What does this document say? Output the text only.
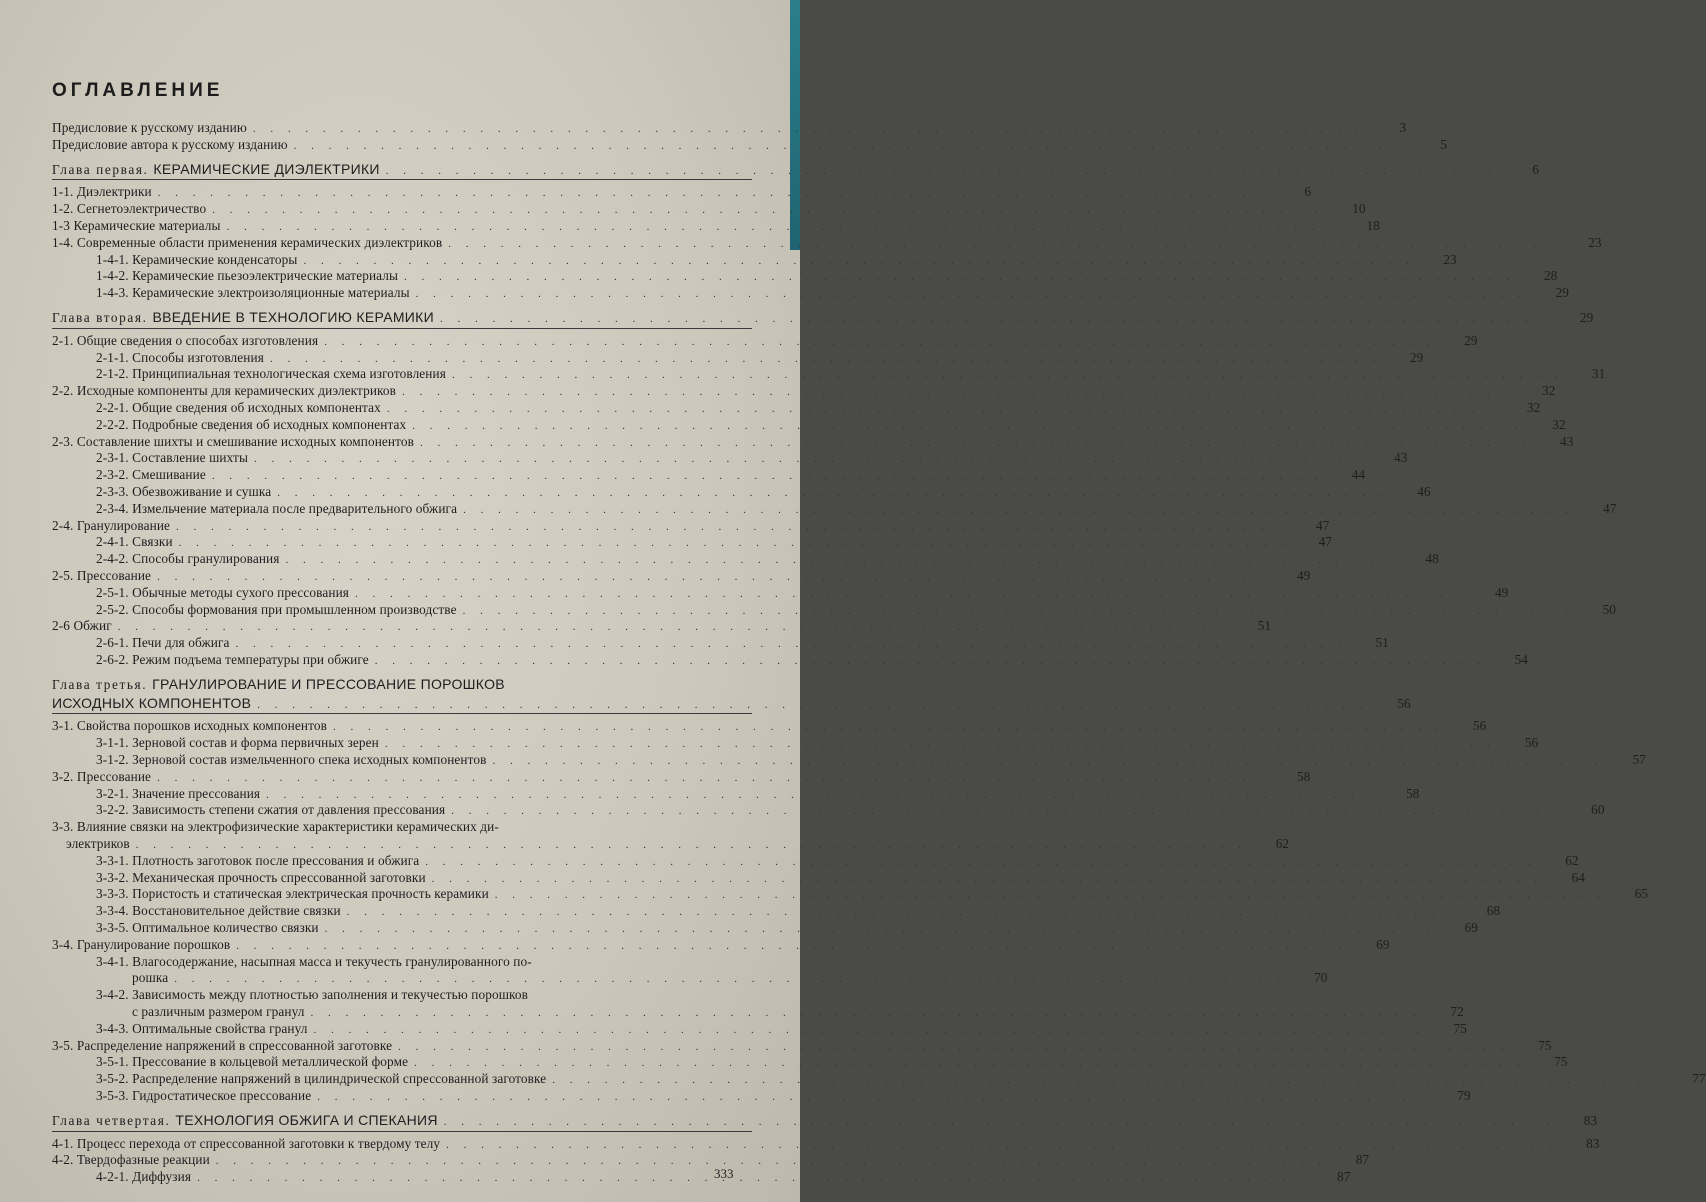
ОГЛАВЛЕНИЕ
Предисловие к русскому изданию . . .	3
Предисловие автора к русскому изданию . . .	5
Глава первая. КЕРАМИЧЕСКИЕ ДИЭЛЕКТРИКИ . . .	6
1-1. Диэлектрики . . .	6
1-2. Сегнетоэлектричество . . .	10
1-3 Керамические материалы . . .	18
1-4. Современные области применения керамических диэлектриков . . .	23
1-4-1. Керамические конденсаторы . . .	23
1-4-2. Керамические пьезоэлектрические материалы . . .	28
1-4-3. Керамические электроизоляционные материалы . . .	29
Глава вторая. ВВЕДЕНИЕ В ТЕХНОЛОГИЮ КЕРАМИКИ . . .	29
2-1. Общие сведения о способах изготовления . . .	29
2-1-1. Способы изготовления . . .	29
2-1-2. Принципиальная технологическая схема изготовления . . .	31
2-2. Исходные компоненты для керамических диэлектриков . . .	32
2-2-1. Общие сведения об исходных компонентах . . .	32
2-2-2. Подробные сведения об исходных компонентах . . .	32
2-3. Составление шихты и смешивание исходных компонентов . . .	43
2-3-1. Составление шихты . . .	43
2-3-2. Смешивание . . .	44
2-3-3. Обезвоживание и сушка . . .	46
2-3-4. Измельчение материала после предварительного обжига . . .	47
2-4. Гранулирование . . .	47
2-4-1. Связки . . .	47
2-4-2. Способы гранулирования . . .	48
2-5. Прессование . . .	49
2-5-1. Обычные методы сухого прессования . . .	49
2-5-2. Способы формования при промышленном производстве . . .	50
2-6 Обжиг . . .	51
2-6-1. Печи для обжига . . .	51
2-6-2. Режим подъема температуры при обжиге . . .	54
Глава третья. ГРАНУЛИРОВАНИЕ И ПРЕССОВАНИЕ ПОРОШКОВ
ИСХОДНЫХ КОМПОНЕНТОВ . . .	56
3-1. Свойства порошков исходных компонентов . . .	56
3-1-1. Зерновой состав и форма первичных зерен . . .	56
3-1-2. Зерновой состав измельченного спека исходных компонентов . . .	57
3-2. Прессование . . .	58
3-2-1. Значение прессования . . .	58
3-2-2. Зависимость степени сжатия от давления прессования . . .	60
3-3. Влияние связки на электрофизические характеристики керамических ди-
электриков . . .	62
3-3-1. Плотность заготовок после прессования и обжига . . .	62
3-3-2. Механическая прочность спрессованной заготовки . . .	64
3-3-3. Пористость и статическая электрическая прочность керамики . . .	65
3-3-4. Восстановительное действие связки . . .	68
3-3-5. Оптимальное количество связки . . .	69
3-4. Гранулирование порошков . . .	69
3-4-1. Влагосодержание, насыпная масса и текучесть гранулированного по-
рошка . . .	70
3-4-2. Зависимость между плотностью заполнения и текучестью порошков
с различным размером гранул . . .	72
3-4-3. Оптимальные свойства гранул . . .	75
3-5. Распределение напряжений в спрессованной заготовке . . .	75
3-5-1. Прессование в кольцевой металлической форме . . .	75
3-5-2. Распределение напряжений в цилиндрической спрессованной заготовке . . .	77
3-5-3. Гидростатическое прессование . . .	79
Глава четвертая. ТЕХНОЛОГИЯ ОБЖИГА И СПЕКАНИЯ . . .	83
4-1. Процесс перехода от спрессованной заготовки к твердому телу . . .	83
4-2. Твердофазные реакции . . .	87
4-2-1. Диффузия . . .	87
333
